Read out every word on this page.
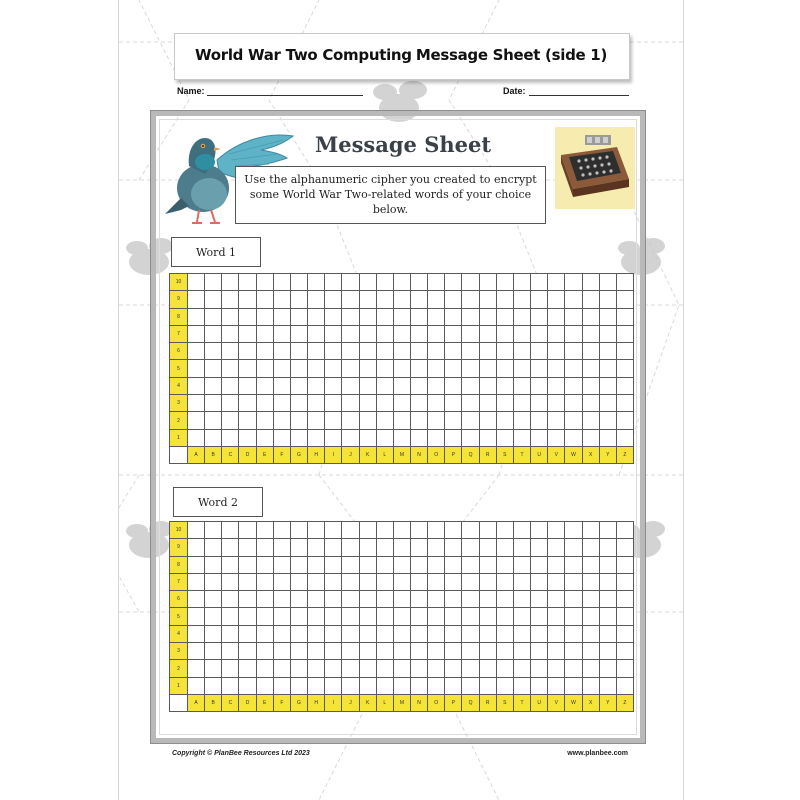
World War Two Computing Message Sheet (side 1)
Name:	Date:
Message Sheet
Use the alphanumeric cipher you created to encrypt some World War Two-related words of your choice below.
Word 1
10
9
8
7
6
5
4
3
2
1
A	B	C	D	E	F	G	H	I	J	K	L	M	N	O	P	Q	R	S	T	U	V	W	X	Y	Z
Word 2
10
9
8
7
6
5
4
3
2
1
A	B	C	D	E	F	G	H	I	J	K	L	M	N	O	P	Q	R	S	T	U	V	W	X	Y	Z
Copyright © PlanBee Resources Ltd 2023	www.planbee.com
